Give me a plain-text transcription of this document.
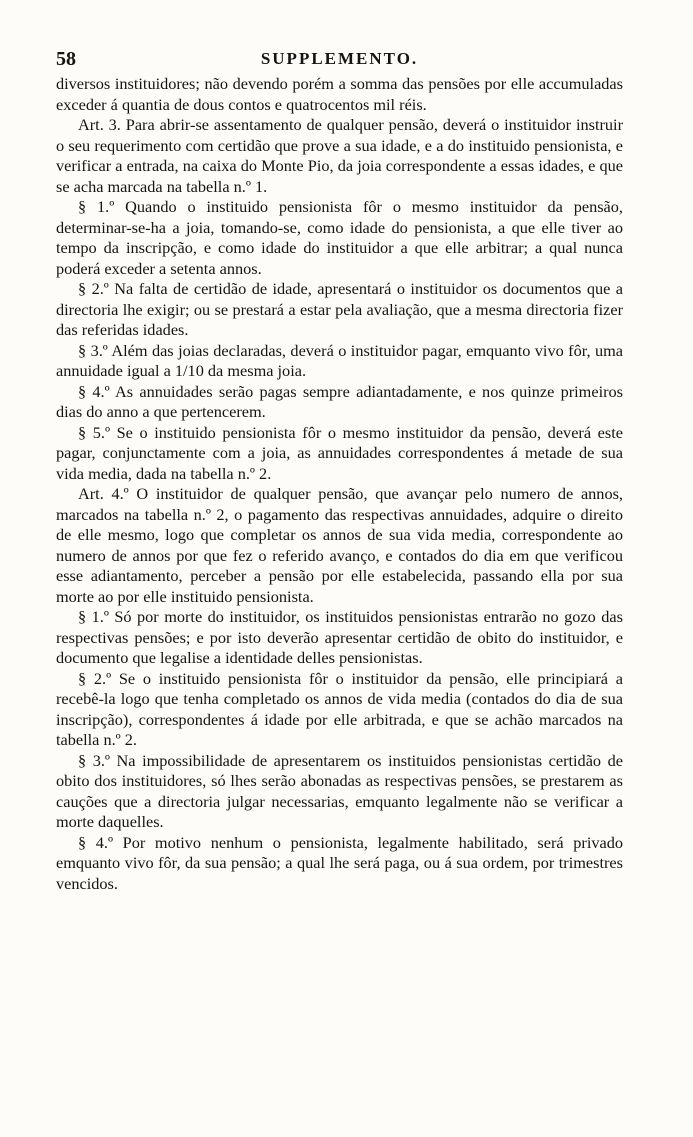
58	SUPPLEMENTO.

diversos instituidores; não devendo porém a somma das pensões por elle accumuladas exceder á quantia de dous contos e quatrocentos mil réis.

Art. 3. Para abrir-se assentamento de qualquer pensão, deverá o instituidor instruir o seu requerimento com certidão que prove a sua idade, e a do instituido pensionista, e verificar a entrada, na caixa do Monte Pio, da joia correspondente a essas idades, e que se acha marcada na tabella n.º 1.

§ 1.º Quando o instituido pensionista fôr o mesmo instituidor da pensão, determinar-se-ha a joia, tomando-se, como idade do pensionista, a que elle tiver ao tempo da inscripção, e como idade do instituidor a que elle arbitrar; a qual nunca poderá exceder a setenta annos.

§ 2.º Na falta de certidão de idade, apresentará o instituidor os documentos que a directoria lhe exigir; ou se prestará a estar pela avaliação, que a mesma directoria fizer das referidas idades.

§ 3.º Além das joias declaradas, deverá o instituidor pagar, emquanto vivo fôr, uma annuidade igual a 1/10 da mesma joia.

§ 4.º As annuidades serão pagas sempre adiantadamente, e nos quinze primeiros dias do anno a que pertencerem.

§ 5.º Se o instituido pensionista fôr o mesmo instituidor da pensão, deverá este pagar, conjunctamente com a joia, as annuidades correspondentes á metade de sua vida media, dada na tabella n.º 2.

Art. 4.º O instituidor de qualquer pensão, que avançar pelo numero de annos, marcados na tabella n.º 2, o pagamento das respectivas annuidades, adquire o direito de elle mesmo, logo que completar os annos de sua vida media, correspondente ao numero de annos por que fez o referido avanço, e contados do dia em que verificou esse adiantamento, perceber a pensão por elle estabelecida, passando ella por sua morte ao por elle instituido pensionista.

§ 1.º Só por morte do instituidor, os instituidos pensionistas entrarão no gozo das respectivas pensões; e por isto deverão apresentar certidão de obito do instituidor, e documento que legalise a identidade delles pensionistas.

§ 2.º Se o instituido pensionista fôr o instituidor da pensão, elle principiará a recebê-la logo que tenha completado os annos de vida media (contados do dia de sua inscripção), correspondentes á idade por elle arbitrada, e que se achão marcados na tabella n.º 2.

§ 3.º Na impossibilidade de apresentarem os instituidos pensionistas certidão de obito dos instituidores, só lhes serão abonadas as respectivas pensões, se prestarem as cauções que a directoria julgar necessarias, emquanto legalmente não se verificar a morte daquelles.

§ 4.º Por motivo nenhum o pensionista, legalmente habilitado, será privado emquanto vivo fôr, da sua pensão; a qual lhe será paga, ou á sua ordem, por trimestres vencidos.
